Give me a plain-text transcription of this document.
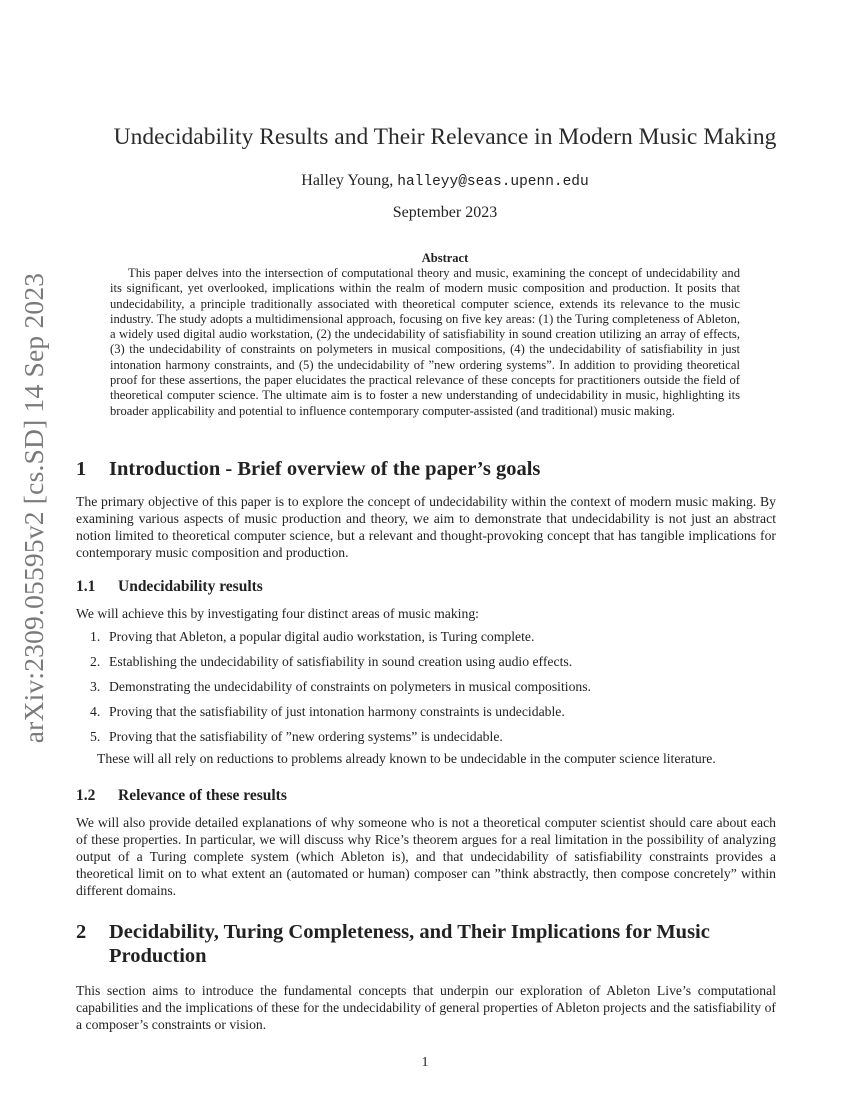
arXiv:2309.05595v2 [cs.SD] 14 Sep 2023
Undecidability Results and Their Relevance in Modern Music Making
Halley Young, halleyy@seas.upenn.edu
September 2023
Abstract

This paper delves into the intersection of computational theory and music, examining the concept of undecidability and its significant, yet overlooked, implications within the realm of modern music composition and production. It posits that undecidability, a principle traditionally associated with theoretical computer science, extends its relevance to the music industry. The study adopts a multidimensional approach, focusing on five key areas: (1) the Turing completeness of Ableton, a widely used digital audio workstation, (2) the undecidability of satisfiability in sound creation utilizing an array of effects, (3) the undecidability of constraints on polymeters in musical compositions, (4) the undecidability of satisfiability in just intonation harmony constraints, and (5) the undecidability of ”new ordering systems”. In addition to providing theoretical proof for these assertions, the paper elucidates the practical relevance of these concepts for practitioners outside the field of theoretical computer science. The ultimate aim is to foster a new understanding of undecidability in music, highlighting its broader applicability and potential to influence contemporary computer-assisted (and traditional) music making.

1 Introduction - Brief overview of the paper’s goals

The primary objective of this paper is to explore the concept of undecidability within the context of modern music making. By examining various aspects of music production and theory, we aim to demonstrate that undecidability is not just an abstract notion limited to theoretical computer science, but a relevant and thought-provoking concept that has tangible implications for contemporary music composition and production.

1.1 Undecidability results

We will achieve this by investigating four distinct areas of music making:

1. Proving that Ableton, a popular digital audio workstation, is Turing complete.

2. Establishing the undecidability of satisfiability in sound creation using audio effects.

3. Demonstrating the undecidability of constraints on polymeters in musical compositions.

4. Proving that the satisfiability of just intonation harmony constraints is undecidable.

5. Proving that the satisfiability of ”new ordering systems” is undecidable.

These will all rely on reductions to problems already known to be undecidable in the computer science literature.

1.2 Relevance of these results

We will also provide detailed explanations of why someone who is not a theoretical computer scientist should care about each of these properties. In particular, we will discuss why Rice’s theorem argues for a real limitation in the possibility of analyzing output of a Turing complete system (which Ableton is), and that undecidability of satisfiability constraints provides a theoretical limit on to what extent an (automated or human) composer can ”think abstractly, then compose concretely” within different domains.

2	Decidability, Turing Completeness, and Their Implications for Music Production

This section aims to introduce the fundamental concepts that underpin our exploration of Ableton Live’s computational capabilities and the implications of these for the undecidability of general properties of Ableton projects and the satisfiability of a composer’s constraints or vision.

1
